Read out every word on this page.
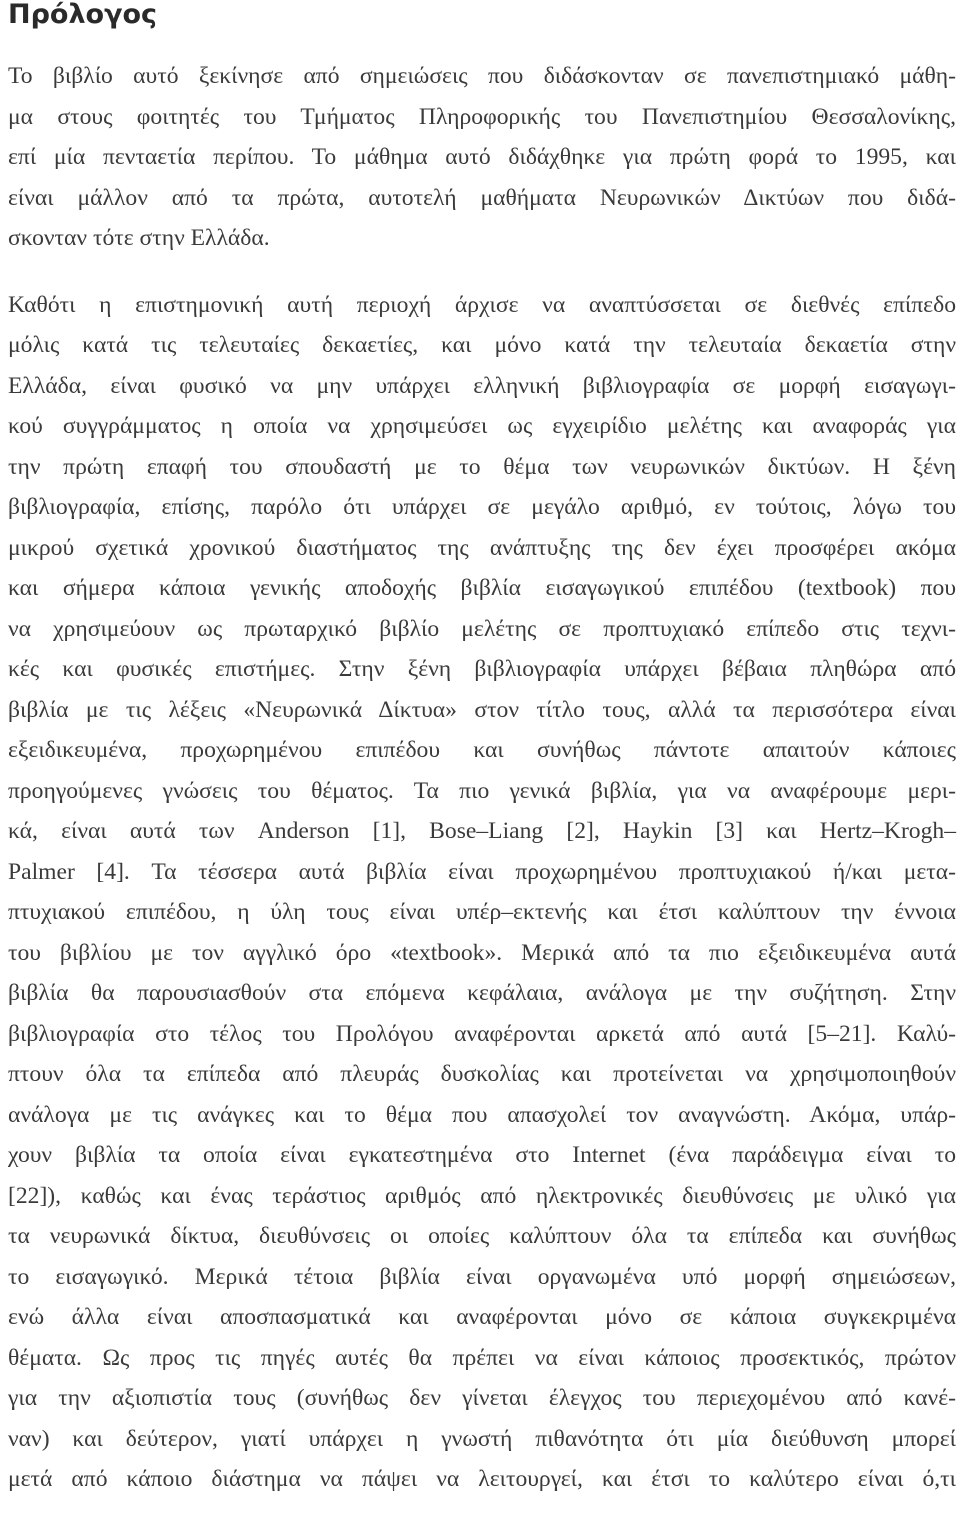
Πρόλογος
Το βιβλίο αυτό ξεκίνησε από σημειώσεις που διδάσκονταν σε πανεπιστημιακό μάθη-
μα στους φοιτητές του Τμήματος Πληροφορικής του Πανεπιστημίου Θεσσαλονίκης,
επί μία πενταετία περίπου. Το μάθημα αυτό διδάχθηκε για πρώτη φορά το 1995, και
είναι μάλλον από τα πρώτα, αυτοτελή μαθήματα Νευρωνικών Δικτύων που διδά-
σκονταν τότε στην Ελλάδα.
Καθότι η επιστημονική αυτή περιοχή άρχισε να αναπτύσσεται σε διεθνές επίπεδο
μόλις κατά τις τελευταίες δεκαετίες, και μόνο κατά την τελευταία δεκαετία στην
Ελλάδα, είναι φυσικό να μην υπάρχει ελληνική βιβλιογραφία σε μορφή εισαγωγι-
κού συγγράμματος η οποία να χρησιμεύσει ως εγχειρίδιο μελέτης και αναφοράς για
την πρώτη επαφή του σπουδαστή με το θέμα των νευρωνικών δικτύων. Η ξένη
βιβλιογραφία, επίσης, παρόλο ότι υπάρχει σε μεγάλο αριθμό, εν τούτοις, λόγω του
μικρού σχετικά χρονικού διαστήματος της ανάπτυξης της δεν έχει προσφέρει ακόμα
και σήμερα κάποια γενικής αποδοχής βιβλία εισαγωγικού επιπέδου (textbook) που
να χρησιμεύουν ως πρωταρχικό βιβλίο μελέτης σε προπτυχιακό επίπεδο στις τεχνι-
κές και φυσικές επιστήμες. Στην ξένη βιβλιογραφία υπάρχει βέβαια πληθώρα από
βιβλία με τις λέξεις «Νευρωνικά Δίκτυα» στον τίτλο τους, αλλά τα περισσότερα είναι
εξειδικευμένα, προχωρημένου επιπέδου και συνήθως πάντοτε απαιτούν κάποιες
προηγούμενες γνώσεις του θέματος. Τα πιο γενικά βιβλία, για να αναφέρουμε μερι-
κά, είναι αυτά των Anderson [1], Bose–Liang [2], Haykin [3] και Hertz–Krogh–
Palmer [4]. Τα τέσσερα αυτά βιβλία είναι προχωρημένου προπτυχιακού ή/και μετα-
πτυχιακού επιπέδου, η ύλη τους είναι υπέρ–εκτενής και έτσι καλύπτουν την έννοια
του βιβλίου με τον αγγλικό όρο «textbook». Μερικά από τα πιο εξειδικευμένα αυτά
βιβλία θα παρουσιασθούν στα επόμενα κεφάλαια, ανάλογα με την συζήτηση. Στην
βιβλιογραφία στο τέλος του Προλόγου αναφέρονται αρκετά από αυτά [5–21]. Καλύ-
πτουν όλα τα επίπεδα από πλευράς δυσκολίας και προτείνεται να χρησιμοποιηθούν
ανάλογα με τις ανάγκες και το θέμα που απασχολεί τον αναγνώστη. Ακόμα, υπάρ-
χουν βιβλία τα οποία είναι εγκατεστημένα στο Internet (ένα παράδειγμα είναι το
[22]), καθώς και ένας τεράστιος αριθμός από ηλεκτρονικές διευθύνσεις με υλικό για
τα νευρωνικά δίκτυα, διευθύνσεις οι οποίες καλύπτουν όλα τα επίπεδα και συνήθως
το εισαγωγικό. Μερικά τέτοια βιβλία είναι οργανωμένα υπό μορφή σημειώσεων,
ενώ άλλα είναι αποσπασματικά και αναφέρονται μόνο σε κάποια συγκεκριμένα
θέματα. Ως προς τις πηγές αυτές θα πρέπει να είναι κάποιος προσεκτικός, πρώτον
για την αξιοπιστία τους (συνήθως δεν γίνεται έλεγχος του περιεχομένου από κανέ-
ναν) και δεύτερον, γιατί υπάρχει η γνωστή πιθανότητα ότι μία διεύθυνση μπορεί
μετά από κάποιο διάστημα να πάψει να λειτουργεί, και έτσι το καλύτερο είναι ό,τι
